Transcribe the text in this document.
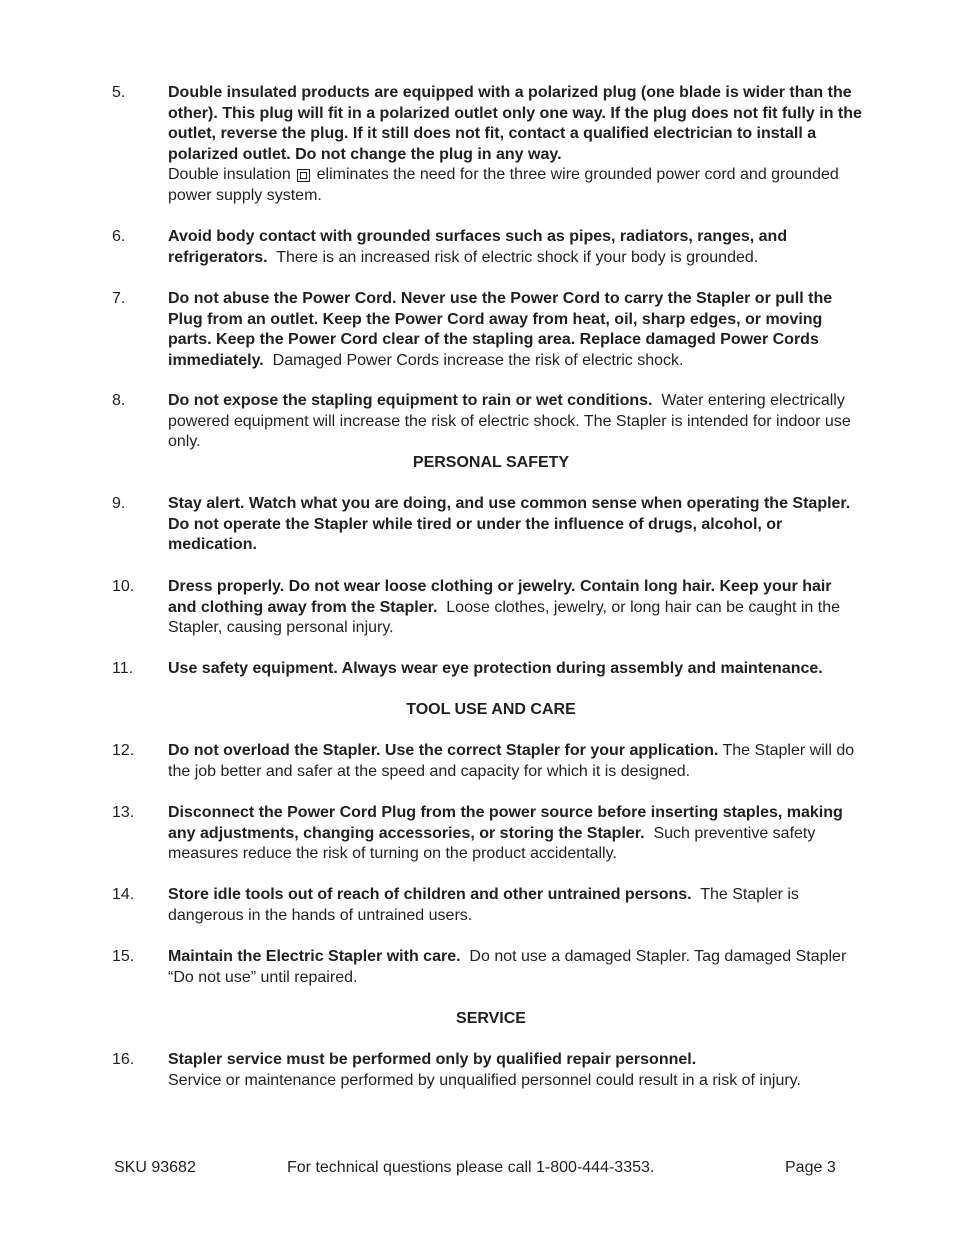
5.	Double insulated products are equipped with a polarized plug (one blade is wider than the other). This plug will fit in a polarized outlet only one way. If the plug does not fit fully in the outlet, reverse the plug. If it still does not fit, contact a qualified electrician to install a polarized outlet. Do not change the plug in any way.
Double insulation eliminates the need for the three wire grounded power cord and grounded power supply system.
6.	Avoid body contact with grounded surfaces such as pipes, radiators, ranges, and refrigerators. There is an increased risk of electric shock if your body is grounded.
7.	Do not abuse the Power Cord. Never use the Power Cord to carry the Stapler or pull the Plug from an outlet. Keep the Power Cord away from heat, oil, sharp edges, or moving parts. Keep the Power Cord clear of the stapling area. Replace damaged Power Cords immediately. Damaged Power Cords increase the risk of electric shock.
8.	Do not expose the stapling equipment to rain or wet conditions. Water entering electrically powered equipment will increase the risk of electric shock. The Stapler is intended for indoor use only.
PERSONAL SAFETY
9.	Stay alert. Watch what you are doing, and use common sense when operating the Stapler. Do not operate the Stapler while tired or under the influence of drugs, alcohol, or medication.
10.	Dress properly. Do not wear loose clothing or jewelry. Contain long hair. Keep your hair and clothing away from the Stapler. Loose clothes, jewelry, or long hair can be caught in the Stapler, causing personal injury.
11.	Use safety equipment. Always wear eye protection during assembly and maintenance.
TOOL USE AND CARE
12.	Do not overload the Stapler. Use the correct Stapler for your application. The Stapler will do the job better and safer at the speed and capacity for which it is designed.
13.	Disconnect the Power Cord Plug from the power source before inserting staples, making any adjustments, changing accessories, or storing the Stapler. Such preventive safety measures reduce the risk of turning on the product accidentally.
14.	Store idle tools out of reach of children and other untrained persons. The Stapler is dangerous in the hands of untrained users.
15.	Maintain the Electric Stapler with care. Do not use a damaged Stapler. Tag damaged Stapler “Do not use” until repaired.
SERVICE
16.	Stapler service must be performed only by qualified repair personnel.
Service or maintenance performed by unqualified personnel could result in a risk of injury.
SKU 93682	For technical questions please call 1-800-444-3353.	Page 3
